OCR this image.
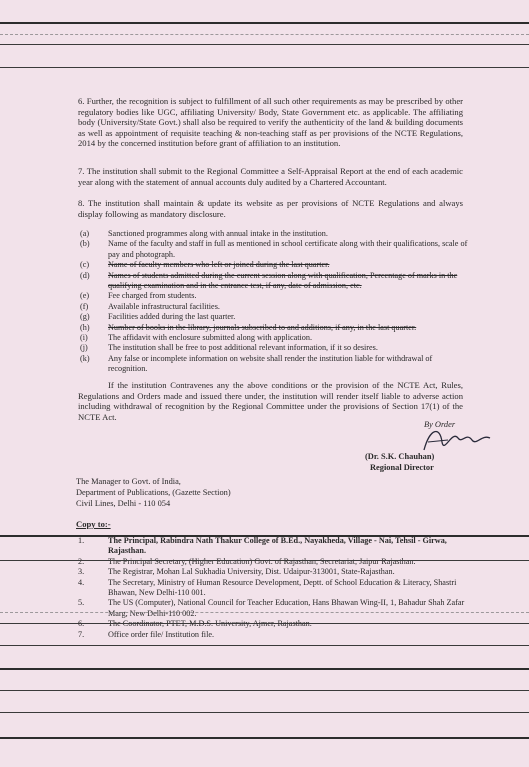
6. Further, the recognition is subject to fulfillment of all such other requirements as may be prescribed by other regulatory bodies like UGC, affiliating University/ Body, State Government etc. as applicable. The affiliating body (University/State Govt.) shall also be required to verify the authenticity of the land & building documents as well as appointment of requisite teaching & non-teaching staff as per provisions of the NCTE Regulations, 2014 by the concerned institution before grant of affiliation to an institution.
7. The institution shall submit to the Regional Committee a Self-Appraisal Report at the end of each academic year along with the statement of annual accounts duly audited by a Chartered Accountant.
8. The institution shall maintain & update its website as per provisions of NCTE Regulations and always display following as mandatory disclosure.
(a)	Sanctioned programmes along with annual intake in the institution.
(b)	Name of the faculty and staff in full as mentioned in school certificate along with their qualifications, scale of pay and photograph.
(c)	Name of faculty members who left or joined during the last quarter.
(d)	Names of students admitted during the current session along with qualification, Percentage of marks in the qualifying examination and in the entrance test, if any, date of admission, etc.
(e)	Fee charged from students.
(f)	Available infrastructural facilities.
(g)	Facilities added during the last quarter.
(h)	Number of books in the library, journals subscribed to and additions, if any, in the last quarter.
(i)	The affidavit with enclosure submitted along with application.
(j)	The institution shall be free to post additional relevant information, if it so desires.
(k)	Any false or incomplete information on website shall render the institution liable for withdrawal of recognition.
If the institution Contravenes any the above conditions or the provision of the NCTE Act, Rules, Regulations and Orders made and issued there under, the institution will render itself liable to adverse action including withdrawal of recognition by the Regional Committee under the provisions of Section 17(1) of the NCTE Act.
By Order
(Dr. S.K. Chauhan)
Regional Director
The Manager to Govt. of India,
Department of Publications, (Gazette Section)
Civil Lines, Delhi - 110 054
Copy to:-
1.	The Principal, Rabindra Nath Thakur College of B.Ed., Nayakheda, Village - Nai, Tehsil - Girwa, Rajasthan.
2.	The Principal Secretary, (Higher Education) Govt. of Rajasthan, Secretariat, Jaipur Rajasthan.
3.	The Registrar, Mohan Lal Sukhadia University, Dist. Udaipur-313001, State-Rajasthan.
4.	The Secretary, Ministry of Human Resource Development, Deptt. of School Education & Literacy, Shastri Bhawan, New Delhi-110 001.
5.	The US (Computer), National Council for Teacher Education, Hans Bhawan Wing-II, 1, Bahadur Shah Zafar Marg, New Delhi-110 002.
6.	The Coordinator, PTET, M.D.S. University, Ajmer, Rajasthan.
7.	Office order file/ Institution file.
